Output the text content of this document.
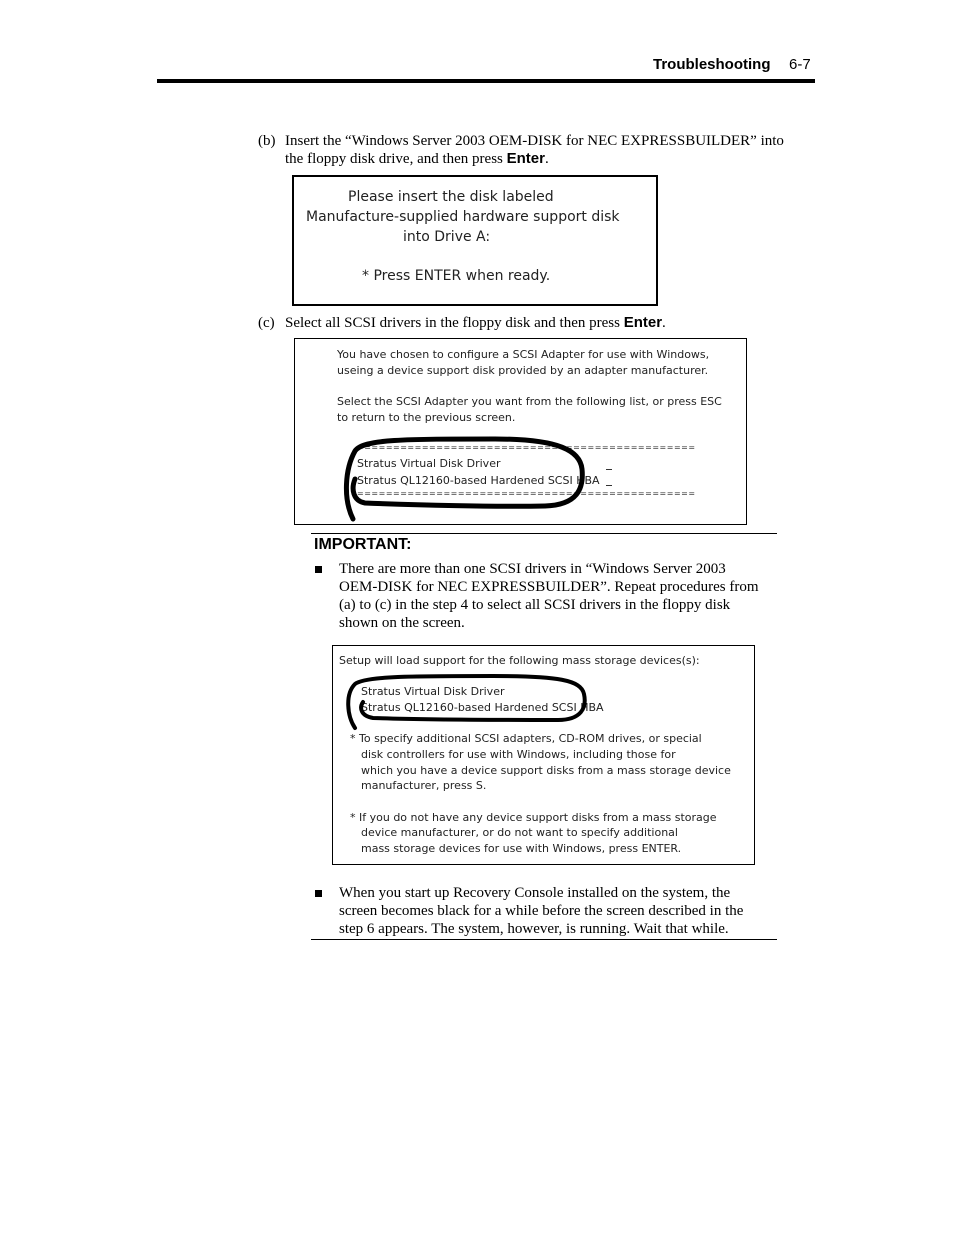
Troubleshooting 6-7
(b) Insert the “Windows Server 2003 OEM-DISK for NEC EXPRESSBUILDER” into
the floppy disk drive, and then press Enter.
Please insert the disk labeled
Manufacture-supplied hardware support disk
into Drive A:
* Press ENTER when ready.
(c) Select all SCSI drivers in the floppy disk and then press Enter.
You have chosen to configure a SCSI Adapter for use with Windows,
useing a device support disk provided by an adapter manufacturer.
Select the SCSI Adapter you want from the following list, or press ESC
to return to the previous screen.
===============================================
Stratus Virtual Disk Driver
Stratus QL12160-based Hardened SCSI HBA
===============================================
IMPORTANT:
There are more than one SCSI drivers in “Windows Server 2003
OEM-DISK for NEC EXPRESSBUILDER”. Repeat procedures from
(a) to (c) in the step 4 to select all SCSI drivers in the floppy disk
shown on the screen.
Setup will load support for the following mass storage devices(s):
Stratus Virtual Disk Driver
Stratus QL12160-based Hardened SCSI HBA
* To specify additional SCSI adapters, CD-ROM drives, or special
disk controllers for use with Windows, including those for
which you have a device support disks from a mass storage device
manufacturer, press S.
* If you do not have any device support disks from a mass storage
device manufacturer, or do not want to specify additional
mass storage devices for use with Windows, press ENTER.
When you start up Recovery Console installed on the system, the
screen becomes black for a while before the screen described in the
step 6 appears. The system, however, is running. Wait that while.
